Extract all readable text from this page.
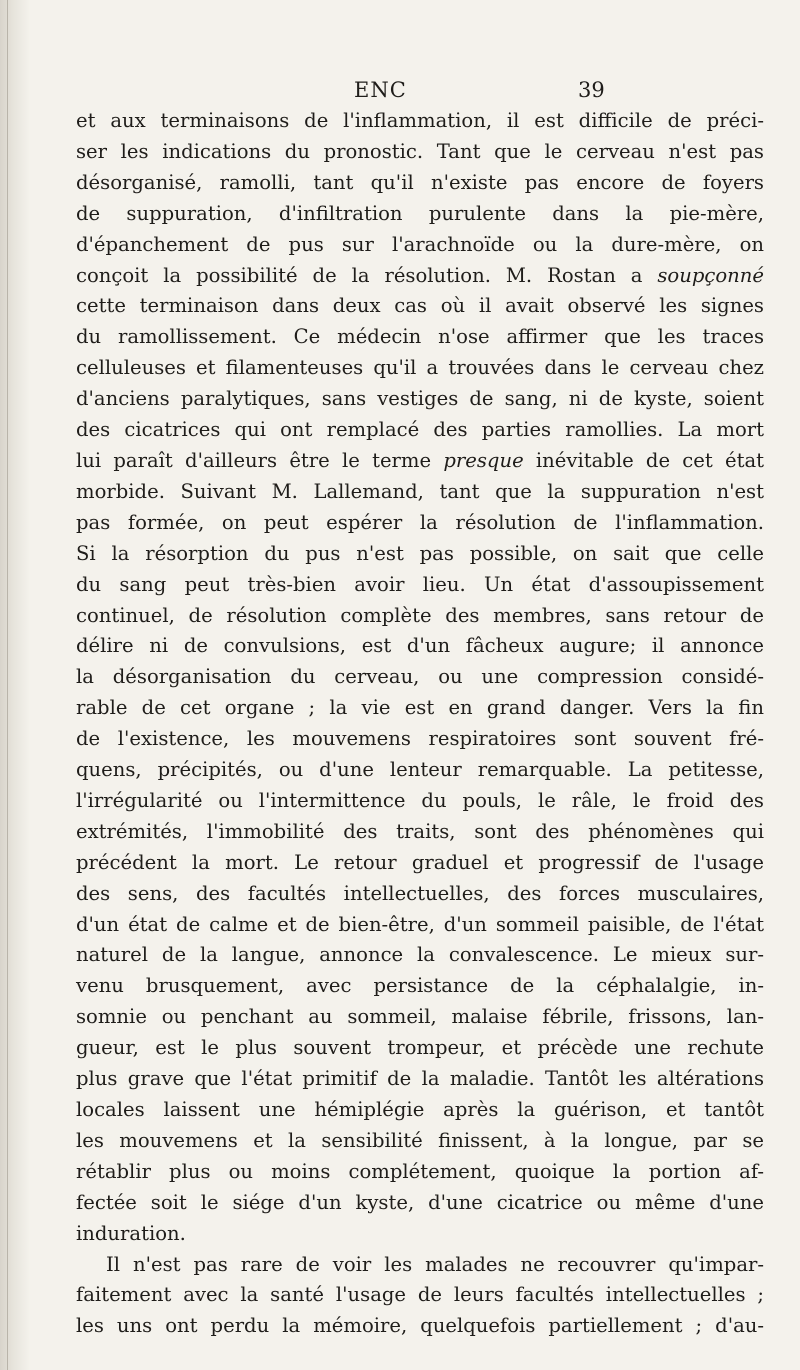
ENC	39

et aux terminaisons de l'inflammation, il est difficile de préci-
ser les indications du pronostic. Tant que le cerveau n'est pas
désorganisé, ramolli, tant qu'il n'existe pas encore de foyers
de suppuration, d'infiltration purulente dans la pie-mère,
d'épanchement de pus sur l'arachnoïde ou la dure-mère, on
conçoit la possibilité de la résolution. M. Rostan a soupçonné
cette terminaison dans deux cas où il avait observé les signes
du ramollissement. Ce médecin n'ose affirmer que les traces
celluleuses et filamenteuses qu'il a trouvées dans le cerveau chez
d'anciens paralytiques, sans vestiges de sang, ni de kyste, soient
des cicatrices qui ont remplacé des parties ramollies. La mort
lui paraît d'ailleurs être le terme presque inévitable de cet état
morbide. Suivant M. Lallemand, tant que la suppuration n'est
pas formée, on peut espérer la résolution de l'inflammation.
Si la résorption du pus n'est pas possible, on sait que celle
du sang peut très-bien avoir lieu. Un état d'assoupissement
continuel, de résolution complète des membres, sans retour de
délire ni de convulsions, est d'un fâcheux augure; il annonce
la désorganisation du cerveau, ou une compression considé-
rable de cet organe ; la vie est en grand danger. Vers la fin
de l'existence, les mouvemens respiratoires sont souvent fré-
quens, précipités, ou d'une lenteur remarquable. La petitesse,
l'irrégularité ou l'intermittence du pouls, le râle, le froid des
extrémités, l'immobilité des traits, sont des phénomènes qui
précédent la mort. Le retour graduel et progressif de l'usage
des sens, des facultés intellectuelles, des forces musculaires,
d'un état de calme et de bien-être, d'un sommeil paisible, de l'état
naturel de la langue, annonce la convalescence. Le mieux sur-
venu brusquement, avec persistance de la céphalalgie, in-
somnie ou penchant au sommeil, malaise fébrile, frissons, lan-
gueur, est le plus souvent trompeur, et précède une rechute
plus grave que l'état primitif de la maladie. Tantôt les altérations
locales laissent une hémiplégie après la guérison, et tantôt
les mouvemens et la sensibilité finissent, à la longue, par se
rétablir plus ou moins complétement, quoique la portion af-
fectée soit le siége d'un kyste, d'une cicatrice ou même d'une
induration.

Il n'est pas rare de voir les malades ne recouvrer qu'impar-
faitement avec la santé l'usage de leurs facultés intellectuelles ;
les uns ont perdu la mémoire, quelquefois partiellement ; d'au-
